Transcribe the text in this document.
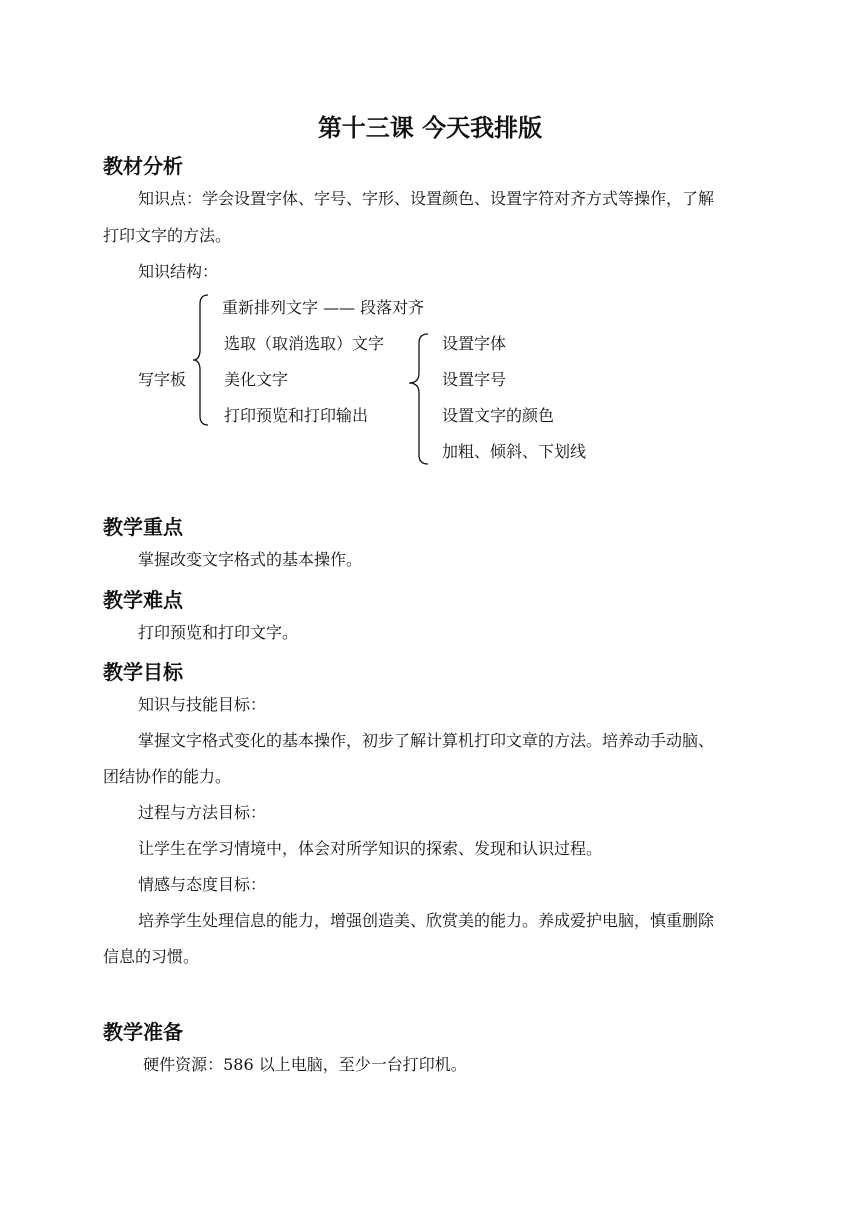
第十三课 今天我排版
教材分析
知识点：学会设置字体、字号、字形、设置颜色、设置字符对齐方式等操作，了解
打印文字的方法。
知识结构：
写字板
重新排列文字 —— 段落对齐
选取（取消选取）文字
美化文字
打印预览和打印输出
设置字体
设置字号
设置文字的颜色
加粗、倾斜、下划线
教学重点
掌握改变文字格式的基本操作。
教学难点
打印预览和打印文字。
教学目标
知识与技能目标：
掌握文字格式变化的基本操作，初步了解计算机打印文章的方法。培养动手动脑、
团结协作的能力。
过程与方法目标：
让学生在学习情境中，体会对所学知识的探索、发现和认识过程。
情感与态度目标：
培养学生处理信息的能力，增强创造美、欣赏美的能力。养成爱护电脑，慎重删除
信息的习惯。
教学准备
硬件资源：586 以上电脑，至少一台打印机。
